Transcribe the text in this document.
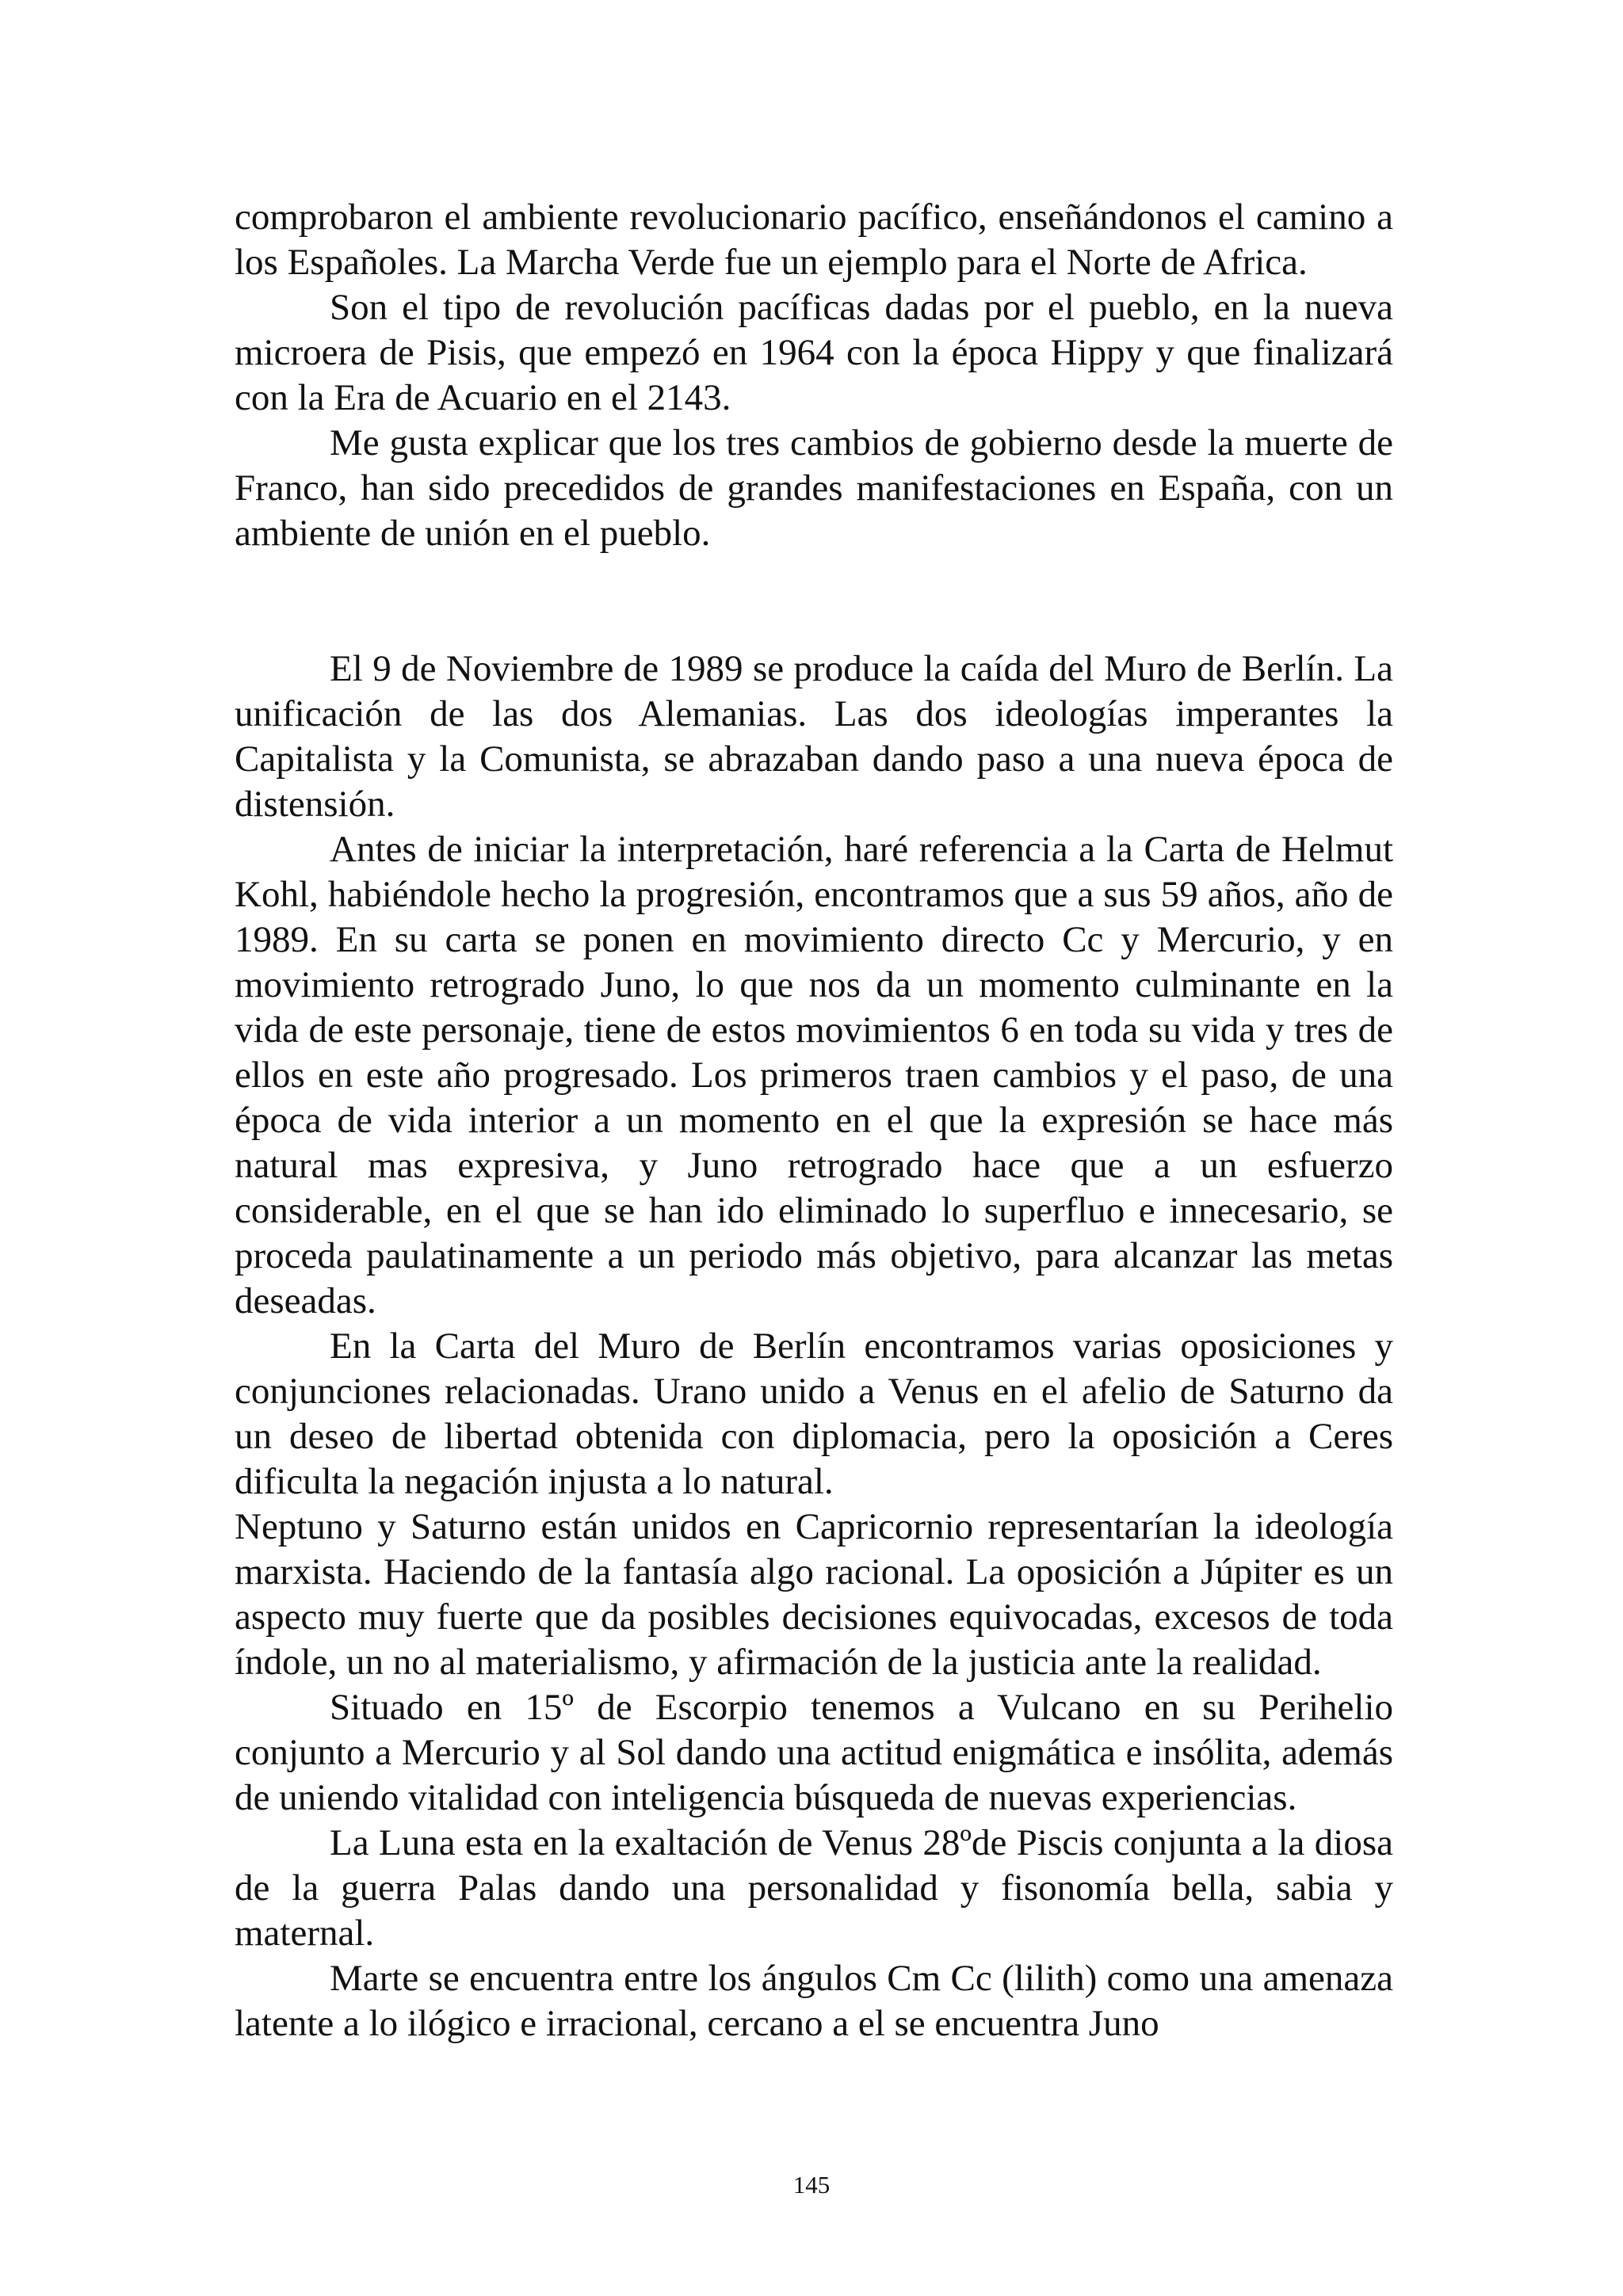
comprobaron el ambiente revolucionario pacífico, enseñándonos el camino a los Españoles. La Marcha Verde fue un ejemplo para el Norte de Africa.

Son el tipo de revolución pacíficas dadas por el pueblo, en la nueva microera de Pisis, que empezó en 1964 con la época Hippy y que finalizará con la Era de Acuario en el 2143.

Me gusta explicar que los tres cambios de gobierno desde la muerte de Franco, han sido precedidos de grandes manifestaciones en España, con un ambiente de unión en el pueblo.

El 9 de Noviembre de 1989 se produce la caída del Muro de Berlín. La unificación de las dos Alemanias. Las dos ideologías imperantes la Capitalista y la Comunista, se abrazaban dando paso a una nueva época de distensión.

Antes de iniciar la interpretación, haré referencia a la Carta de Helmut Kohl, habiéndole hecho la progresión, encontramos que a sus 59 años, año de 1989. En su carta se ponen en movimiento directo Cc y Mercurio, y en movimiento retrogrado Juno, lo que nos da un momento culminante en la vida de este personaje, tiene de estos movimientos 6 en toda su vida y tres de ellos en este año progresado. Los primeros traen cambios y el paso, de una época de vida interior a un momento en el que la expresión se hace más natural mas expresiva, y Juno retrogrado hace que a un esfuerzo considerable, en el que se han ido eliminado lo superfluo e innecesario, se proceda paulatinamente a un periodo más objetivo, para alcanzar las metas deseadas.

En la Carta del Muro de Berlín encontramos varias oposiciones y conjunciones relacionadas. Urano unido a Venus en el afelio de Saturno da un deseo de libertad obtenida con diplomacia, pero la oposición a Ceres dificulta la negación injusta a lo natural.

Neptuno y Saturno están unidos en Capricornio representarían la ideología marxista. Haciendo de la fantasía algo racional. La oposición a Júpiter es un aspecto muy fuerte que da posibles decisiones equivocadas, excesos de toda índole, un no al materialismo, y afirmación de la justicia ante la realidad.

Situado en 15º de Escorpio tenemos a Vulcano en su Perihelio conjunto a Mercurio y al Sol dando una actitud enigmática e insólita, además de uniendo vitalidad con inteligencia búsqueda de nuevas experiencias.

La Luna esta en la exaltación de Venus 28ºde Piscis conjunta a la diosa de la guerra Palas dando una personalidad y fisonomía bella, sabia y maternal.

Marte se encuentra entre los ángulos Cm Cc (lilith) como una amenaza latente a lo ilógico e irracional, cercano a el se encuentra Juno

145
